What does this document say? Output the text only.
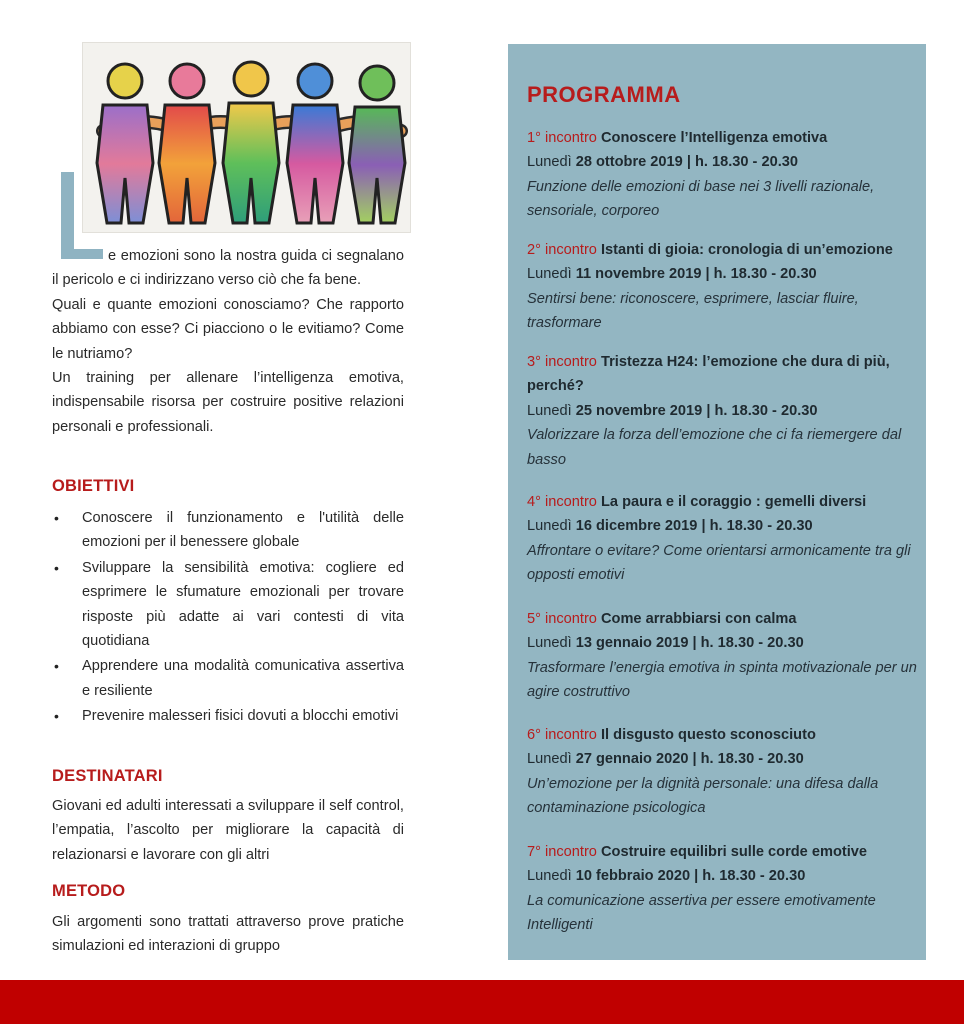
e emozioni sono la nostra guida ci segnalano il pericolo e ci indirizzano verso ciò che fa bene.

Quali e quante emozioni conosciamo? Che rapporto abbiamo con esse? Ci piacciono o le evitiamo? Come le nutriamo?

Un training per allenare l’intelligenza emotiva, indispensabile risorsa per costruire positive relazioni personali e professionali.

OBIETTIVI
• Conoscere il funzionamento e l'utilità delle emozioni per il benessere globale
• Sviluppare la sensibilità emotiva: cogliere ed esprimere le sfumature emozionali per trovare risposte più adatte ai vari contesti di vita quotidiana
• Apprendere una modalità comunicativa assertiva e resiliente
• Prevenire malesseri fisici dovuti a blocchi emotivi
DESTINATARI
Giovani ed adulti interessati a sviluppare il self control, l’empatia, l’ascolto per migliorare la capacità di relazionarsi e lavorare con gli altri
METODO
Gli argomenti sono trattati attraverso prove pratiche simulazioni ed interazioni di gruppo
PROGRAMMA
1° incontro Conoscere l’Intelligenza emotiva
Lunedì 28 ottobre 2019 | h. 18.30 - 20.30
Funzione delle emozioni di base nei 3 livelli razionale, sensoriale, corporeo
2° incontro Istanti di gioia: cronologia di un’emozione
Lunedì 11 novembre 2019 | h. 18.30 - 20.30
Sentirsi bene: riconoscere, esprimere, lasciar fluire, trasformare
3° incontro Tristezza H24: l’emozione che dura di più, perché?
Lunedì 25 novembre 2019 | h. 18.30 - 20.30
Valorizzare la forza dell’emozione che ci fa riemergere dal basso
4° incontro La paura e il coraggio : gemelli diversi
Lunedì 16 dicembre 2019 | h. 18.30 - 20.30
Affrontare o evitare? Come orientarsi armonicamente tra gli opposti emotivi
5° incontro Come arrabbiarsi con calma
Lunedì 13 gennaio 2019 | h. 18.30 - 20.30
Trasformare l’energia emotiva in spinta motivazionale per un agire costruttivo
6° incontro Il disgusto questo sconosciuto
Lunedì 27 gennaio 2020 | h. 18.30 - 20.30
Un’emozione per la dignità personale: una difesa dalla contaminazione psicologica
7° incontro Costruire equilibri sulle corde emotive
Lunedì 10 febbraio 2020 | h. 18.30 - 20.30
La comunicazione assertiva per essere emotivamente Intelligenti
